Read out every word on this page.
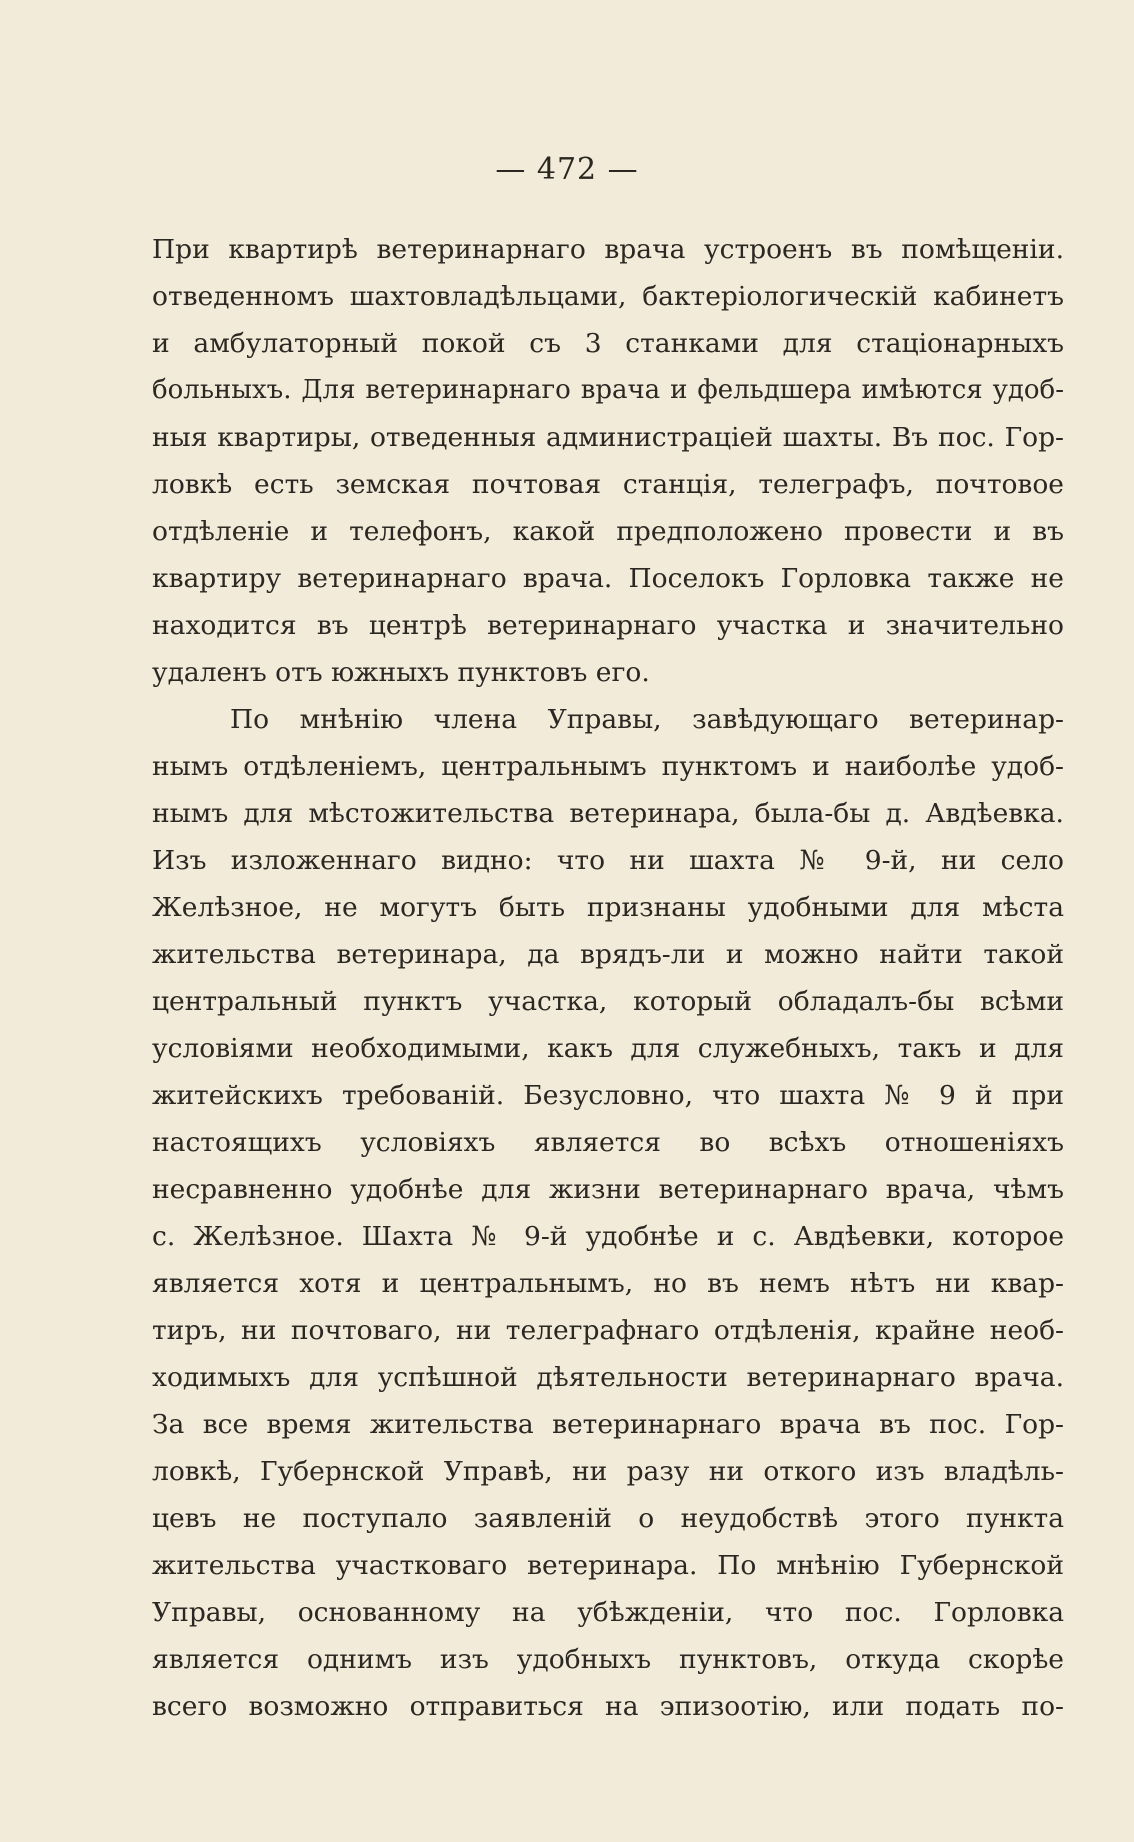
— 472 —
При квартирѣ ветеринарнаго врача устроенъ въ помѣщеніи.
отведенномъ шахтовладѣльцами, бактеріологическій кабинетъ
и амбулаторный покой съ 3 станками для стаціонарныхъ
больныхъ. Для ветеринарнаго врача и фельдшера имѣются удоб-
ныя квартиры, отведенныя администраціей шахты. Въ пос. Гор-
ловкѣ есть земская почтовая станція, телеграфъ, почтовое
отдѣленіе и телефонъ, какой предположено провести и въ
квартиру ветеринарнаго врача. Поселокъ Горловка также не
находится въ центрѣ ветеринарнаго участка и значительно
удаленъ отъ южныхъ пунктовъ его.
По мнѣнію члена Управы, завѣдующаго ветеринар-
нымъ отдѣленіемъ, центральнымъ пунктомъ и наиболѣе удоб-
нымъ для мѣстожительства ветеринара, была-бы д. Авдѣевка.
Изъ изложеннаго видно: что ни шахта № 9-й, ни село
Желѣзное, не могутъ быть признаны удобными для мѣста
жительства ветеринара, да врядъ-ли и можно найти такой
центральный пунктъ участка, который обладалъ-бы всѣми
условіями необходимыми, какъ для служебныхъ, такъ и для
житейскихъ требованій. Безусловно, что шахта № 9 й при
настоящихъ условіяхъ является во всѣхъ отношеніяхъ
несравненно удобнѣе для жизни ветеринарнаго врача, чѣмъ
с. Желѣзное. Шахта № 9-й удобнѣе и с. Авдѣевки, которое
является хотя и центральнымъ, но въ немъ нѣтъ ни квар-
тиръ, ни почтоваго, ни телеграфнаго отдѣленія, крайне необ-
ходимыхъ для успѣшной дѣятельности ветеринарнаго врача.
За все время жительства ветеринарнаго врача въ пос. Гор-
ловкѣ, Губернской Управѣ, ни разу ни откого изъ владѣль-
цевъ не поступало заявленій о неудобствѣ этого пункта
жительства участковаго ветеринара. По мнѣнію Губернской
Управы, основанному на убѣжденіи, что пос. Горловка
является однимъ изъ удобныхъ пунктовъ, откуда скорѣе
всего возможно отправиться на эпизоотію, или подать по-
